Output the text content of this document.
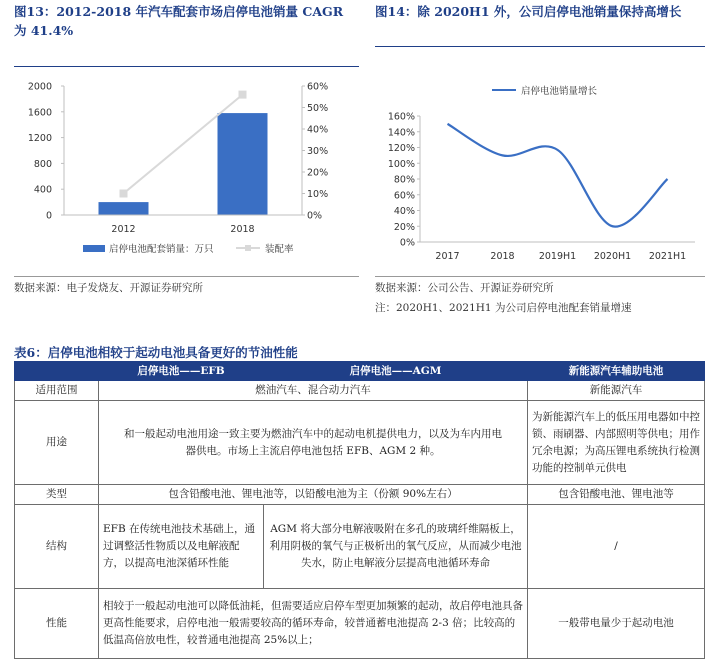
图13：2012-2018 年汽车配套市场启停电池销量 CAGR 为 41.4%
0
400
800
1200
1600
2000
0%
10%
20%
30%
40%
50%
60%
2012	2018
启停电池配套销量：万只	装配率
数据来源：电子发烧友、开源证券研究所
图14：除 2020H1 外，公司启停电池销量保持高增长
启停电池销量增长
0%
20%
40%
60%
80%
100%
120%
140%
160%
2017	2018	2019H1 2020H1 2021H1
数据来源：公司公告、开源证券研究所
注：2020H1、2021H1 为公司启停电池配套销量增速
表6：启停电池相较于起动电池具备更好的节油性能
	启停电池——EFB	启停电池——AGM	新能源汽车辅助电池
适用范围	燃油汽车、混合动力汽车		新能源汽车
用途	和一般起动电池用途一致主要为燃油汽车中的起动电机提供电力，以及为车内用电器供电。市场上主流启停电池包括 EFB、AGM 2 种。		为新能源汽车上的低压用电器如中控锁、雨刷器、内部照明等供电；用作冗余电源；为高压锂电系统执行检测功能的控制单元供电
类型	包含铅酸电池、锂电池等，以铅酸电池为主（份额 90%左右）		包含铅酸电池、锂电池等
结构	EFB 在传统电池技术基础上，通过调整活性物质以及电解液配方，以提高电池深循环性能	AGM 将大部分电解液吸附在多孔的玻璃纤维隔板上，利用阴极的氧气与正极析出的氧气反应，从而减少电池失水，防止电解液分层提高电池循环寿命	/
性能	相较于一般起动电池可以降低油耗，但需要适应启停车型更加频繁的起动，故启停电池具备更高性能要求，启停电池一般需要较高的循环寿命，较普通蓄电池提高 2-3 倍；比较高的低温高倍放电性，较普通电池提高 25%以上；		一般带电量少于起动电池
